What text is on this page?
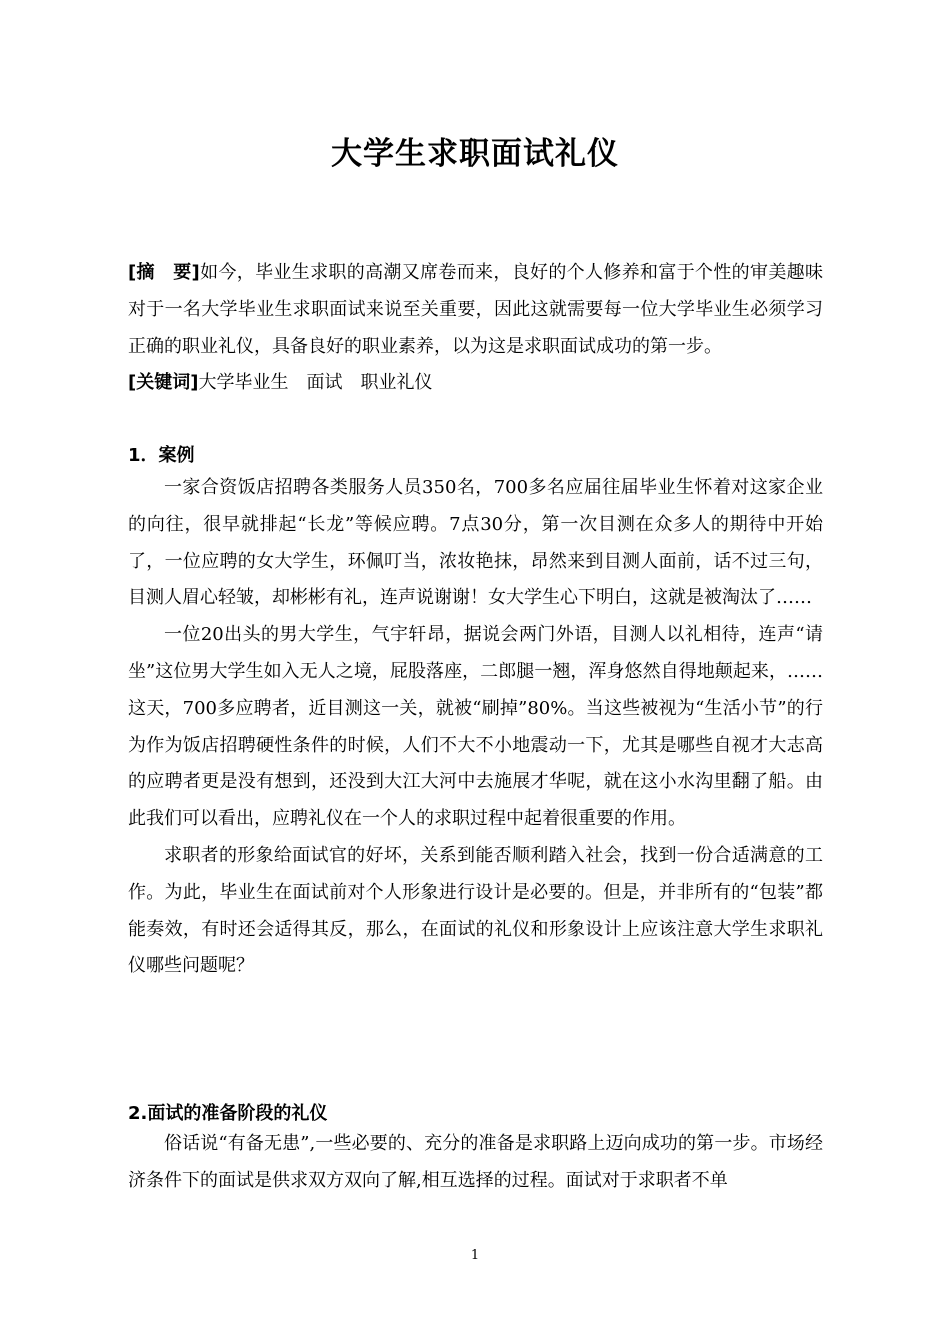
大学生求职面试礼仪

[摘　要]如今，毕业生求职的高潮又席卷而来，良好的个人修养和富于个性的审美趣味对于一名大学毕业生求职面试来说至关重要，因此这就需要每一位大学毕业生必须学习正确的职业礼仪，具备良好的职业素养，以为这是求职面试成功的第一步。

[关键词]大学毕业生　面试　职业礼仪

1．案例

一家合资饭店招聘各类服务人员350名，700多名应届往届毕业生怀着对这家企业的向往，很早就排起“长龙”等候应聘。7点30分，第一次目测在众多人的期待中开始了，一位应聘的女大学生，环佩叮当，浓妆艳抹，昂然来到目测人面前，话不过三句，目测人眉心轻皱，却彬彬有礼，连声说谢谢！女大学生心下明白，这就是被淘汰了……

一位20出头的男大学生，气宇轩昂，据说会两门外语，目测人以礼相待，连声“请坐”这位男大学生如入无人之境，屁股落座，二郎腿一翘，浑身悠然自得地颠起来，……这天，700多应聘者，近目测这一关，就被“刷掉”80%。当这些被视为“生活小节”的行为作为饭店招聘硬性条件的时候，人们不大不小地震动一下，尤其是哪些自视才大志高的应聘者更是没有想到，还没到大江大河中去施展才华呢，就在这小水沟里翻了船。由此我们可以看出，应聘礼仪在一个人的求职过程中起着很重要的作用。

求职者的形象给面试官的好坏，关系到能否顺利踏入社会，找到一份合适满意的工作。为此，毕业生在面试前对个人形象进行设计是必要的。但是，并非所有的“包装”都能奏效，有时还会适得其反，那么，在面试的礼仪和形象设计上应该注意大学生求职礼仪哪些问题呢？

2.面试的准备阶段的礼仪

俗话说“有备无患”,一些必要的、充分的准备是求职路上迈向成功的第一步。市场经济条件下的面试是供求双方双向了解,相互选择的过程。面试对于求职者不单

1
